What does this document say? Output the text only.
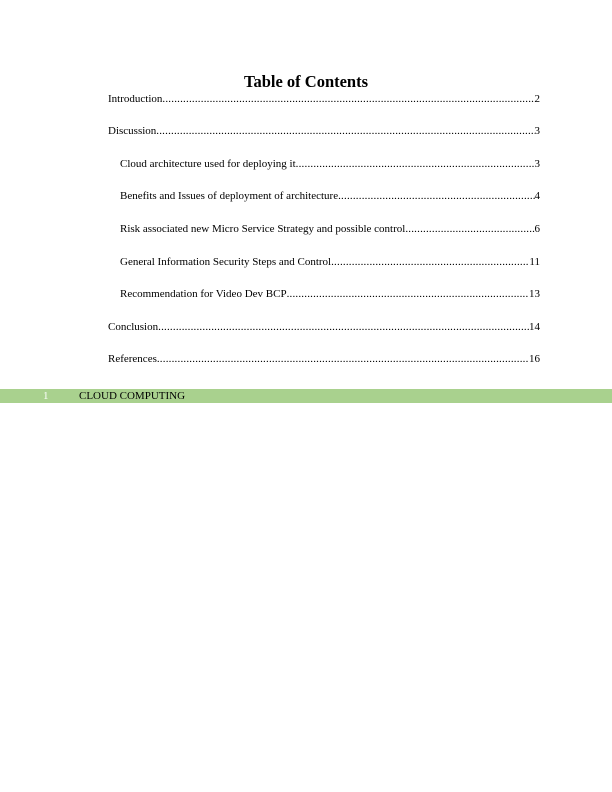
Table of Contents
Introduction .....	2
Discussion .....	3
Cloud architecture used for deploying it .....	3
Benefits and Issues of deployment of architecture .....	4
Risk associated new Micro Service Strategy and possible control .....	6
General Information Security Steps and Control .....	11
Recommendation for Video Dev BCP .....	13
Conclusion .....	14
References .....	16
1	CLOUD COMPUTING
